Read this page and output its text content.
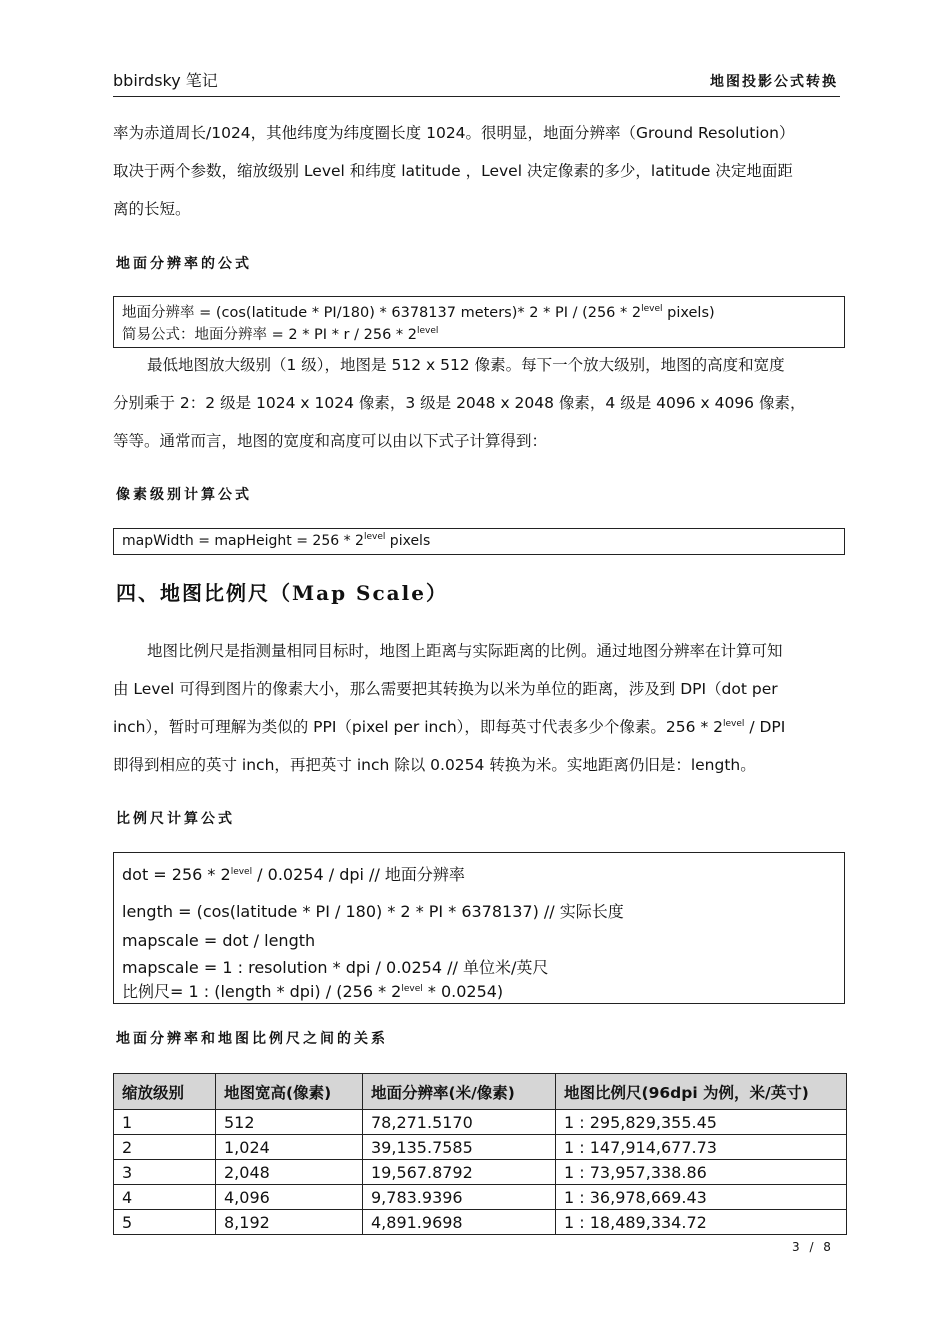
bbirdsky 笔记	地图投影公式转换
率为赤道周长/1024，其他纬度为纬度圈长度 1024。很明显，地面分辨率（Ground Resolution）
取决于两个参数，缩放级别 Level 和纬度 latitude ，Level 决定像素的多少，latitude 决定地面距
离的长短。
地面分辨率的公式
地面分辨率 = (cos(latitude * PI/180) * 6378137 meters)* 2 * PI / ($256 * 2^{level}$ pixels)
简易公式：地面分辨率 = 2 * PI * r / $256 * 2^{level}$
最低地图放大级别（1 级），地图是 512 x 512 像素。每下一个放大级别，地图的高度和宽度
分别乘于 2：2 级是 1024 x 1024 像素，3 级是 2048 x 2048 像素，4 级是 4096 x 4096 像素，
等等。通常而言，地图的宽度和高度可以由以下式子计算得到：
像素级别计算公式
mapWidth = mapHeight = $256 * 2^{level}$ pixels
四、地图比例尺（Map Scale）
地图比例尺是指测量相同目标时，地图上距离与实际距离的比例。通过地图分辨率在计算可知
由 Level 可得到图片的像素大小，那么需要把其转换为以米为单位的距离，涉及到 DPI（dot per
inch），暂时可理解为类似的 PPI（pixel per inch），即每英寸代表多少个像素。$256 * 2^{level}$ / DPI
即得到相应的英寸 inch，再把英寸 inch 除以 0.0254 转换为米。实地距离仍旧是：length。
比例尺计算公式
dot = $256 * 2^{level} / 0.0254$ / dpi // 地面分辨率
length = (cos(latitude * PI / 180) * 2 * PI * 6378137) // 实际长度
mapscale = dot / length
mapscale = 1 : resolution * dpi / 0.0254 // 单位米/英尺
比例尺= 1 : (length * $dpi) / (256 * 2^{level} * 0.0254)$
地面分辨率和地图比例尺之间的关系
缩放级别	地图宽高(像素)	地面分辨率(米/像素)	地图比例尺(96dpi 为例，米/英寸)
1	512	78,271.5170	1 : 295,829,355.45
2	1,024	39,135.7585	1 : 147,914,677.73
3	2,048	19,567.8792	1 : 73,957,338.86
4	4,096	9,783.9396	1 : 36,978,669.43
5	8,192	4,891.9698	1 : 18,489,334.72
3 / 8
